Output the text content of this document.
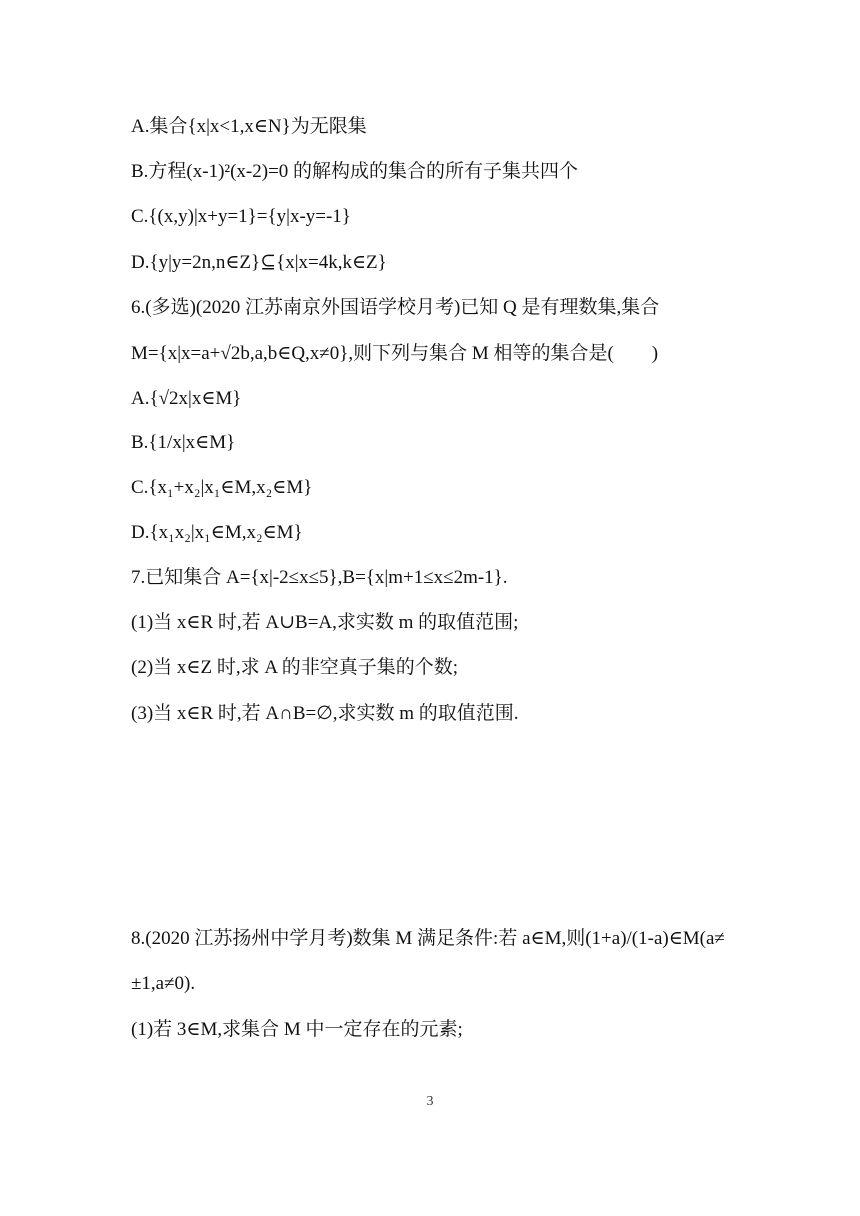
A.集合{x|x<1,x∈N}为无限集
B.方程(x-1)²(x-2)=0 的解构成的集合的所有子集共四个
C.{(x,y)|x+y=1}={y|x-y=-1}
D.{y|y=2n,n∈Z}⊆{x|x=4k,k∈Z}
6.(多选)(2020 江苏南京外国语学校月考)已知 Q 是有理数集,集合
M={x|x=a+√2b,a,b∈Q,x≠0},则下列与集合 M 相等的集合是(　　)
A.{√2x|x∈M}
B.{1/x|x∈M}
C.{x₁+x₂|x₁∈M,x₂∈M}
D.{x₁x₂|x₁∈M,x₂∈M}
7.已知集合 A={x|-2≤x≤5},B={x|m+1≤x≤2m-1}.
(1)当 x∈R 时,若 A∪B=A,求实数 m 的取值范围;
(2)当 x∈Z 时,求 A 的非空真子集的个数;
(3)当 x∈R 时,若 A∩B=∅,求实数 m 的取值范围.
8.(2020 江苏扬州中学月考)数集 M 满足条件:若 a∈M,则(1+a)/(1-a)∈M(a≠
±1,a≠0).
(1)若 3∈M,求集合 M 中一定存在的元素;
3
